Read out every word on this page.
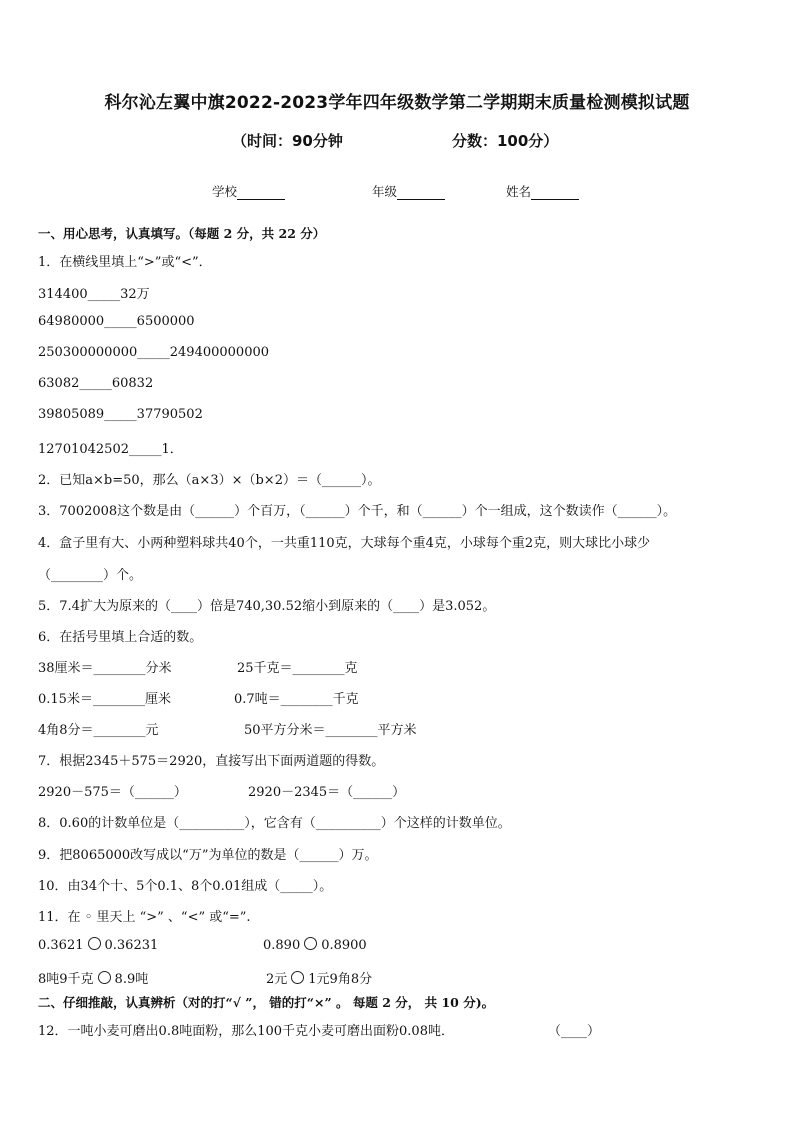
科尔沁左翼中旗2022-2023学年四年级数学第二学期期末质量检测模拟试题
（时间：90分钟	分数：100分）
学校	年级	姓名
一、用心思考，认真填写。（每题 2 分，共 22 分）
1．在横线里填上“>”或“<”．
314400_____32万
64980000_____6500000
250300000000_____249400000000
63082_____60832
39805089_____37790502
12701042502_____1．
2．已知a×b=50，那么（a×3）×（b×2）＝（______）。
3．7002008这个数是由（______）个百万，（______）个千，和（______）个一组成，这个数读作（______）。
4．盒子里有大、小两种塑料球共40个，一共重110克，大球每个重4克，小球每个重2克，则大球比小球少
（________）个。
5．7.4扩大为原来的（____）倍是740,30.52缩小到原来的（____）是3.052。
6．在括号里填上合适的数。
38厘米＝________分米	25千克＝________克
0.15米＝________厘米	0.7吨＝________千克
4角8分＝________元	50平方分米＝________平方米
7．根据2345＋575＝2920，直接写出下面两道题的得数。
2920－575＝（______）	2920－2345＝（______）
8．0.60的计数单位是（__________），它含有（__________）个这样的计数单位。
9．把8065000改写成以“万”为单位的数是（______）万。
10．由34个十、5个0.1、8个0.01组成（_____）。
11．在 ◦ 里天上 “>” 、“<” 或“=”.
0.3621 0.36231	0.890 0.8900
8吨9千克 8.9吨	2元 1元9角8分
二、仔细推敲，认真辨析（对的打“√ ”， 错的打“×” 。 每题 2 分， 共 10 分)。
12．一吨小麦可磨出0.8吨面粉，那么100千克小麦可磨出面粉0.08吨．	（____）
